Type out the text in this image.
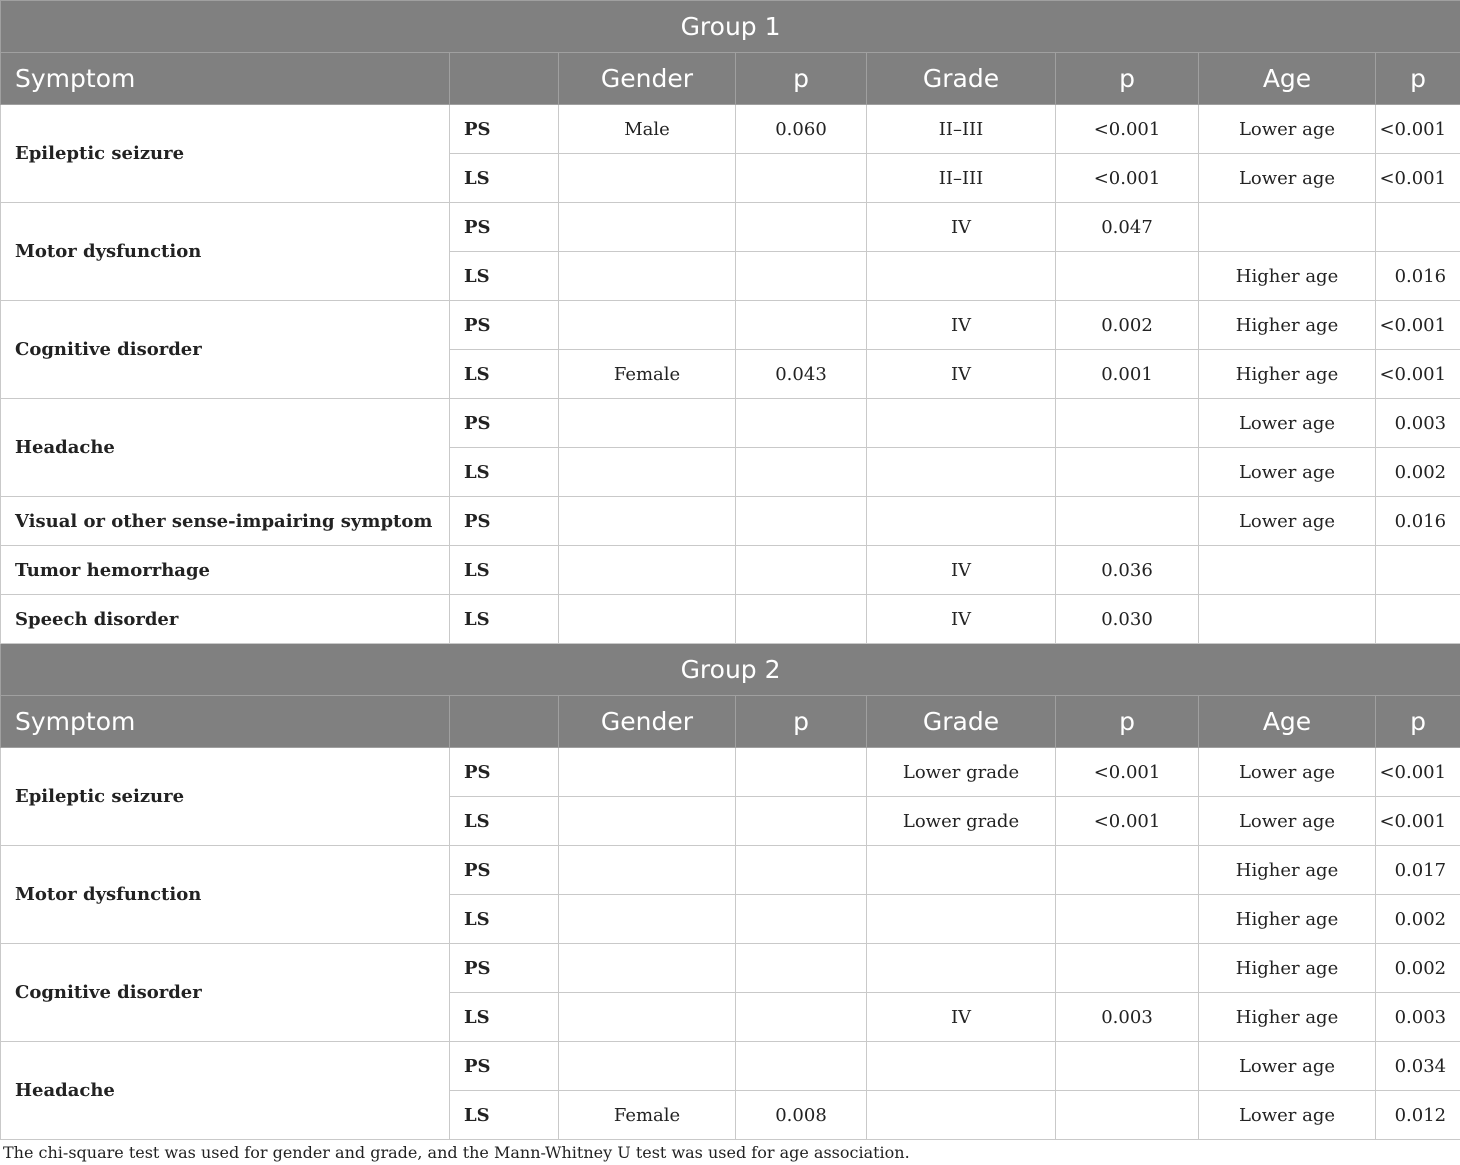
Group 1							
Symptom		Gender	p	Grade	p	Age	p
Epileptic seizure	PS	Male	0.060	II–III	<0.001	Lower age	<0.001
	LS			II–III	<0.001	Lower age	<0.001
Motor dysfunction	PS			IV	0.047		
	LS					Higher age	0.016
Cognitive disorder	PS			IV	0.002	Higher age	<0.001
	LS	Female	0.043	IV	0.001	Higher age	<0.001
Headache	PS					Lower age	0.003
	LS					Lower age	0.002
Visual or other sense-impairing symptom	PS					Lower age	0.016
Tumor hemorrhage	LS			IV	0.036		
Speech disorder	LS			IV	0.030		
Group 2							
Symptom		Gender	p	Grade	p	Age	p
Epileptic seizure	PS			Lower grade	<0.001	Lower age	<0.001
	LS			Lower grade	<0.001	Lower age	<0.001
Motor dysfunction	PS					Higher age	0.017
	LS					Higher age	0.002
Cognitive disorder	PS					Higher age	0.002
	LS			IV	0.003	Higher age	0.003
Headache	PS					Lower age	0.034
	LS	Female	0.008			Lower age	0.012
The chi-square test was used for gender and grade, and the Mann-Whitney U test was used for age association.
